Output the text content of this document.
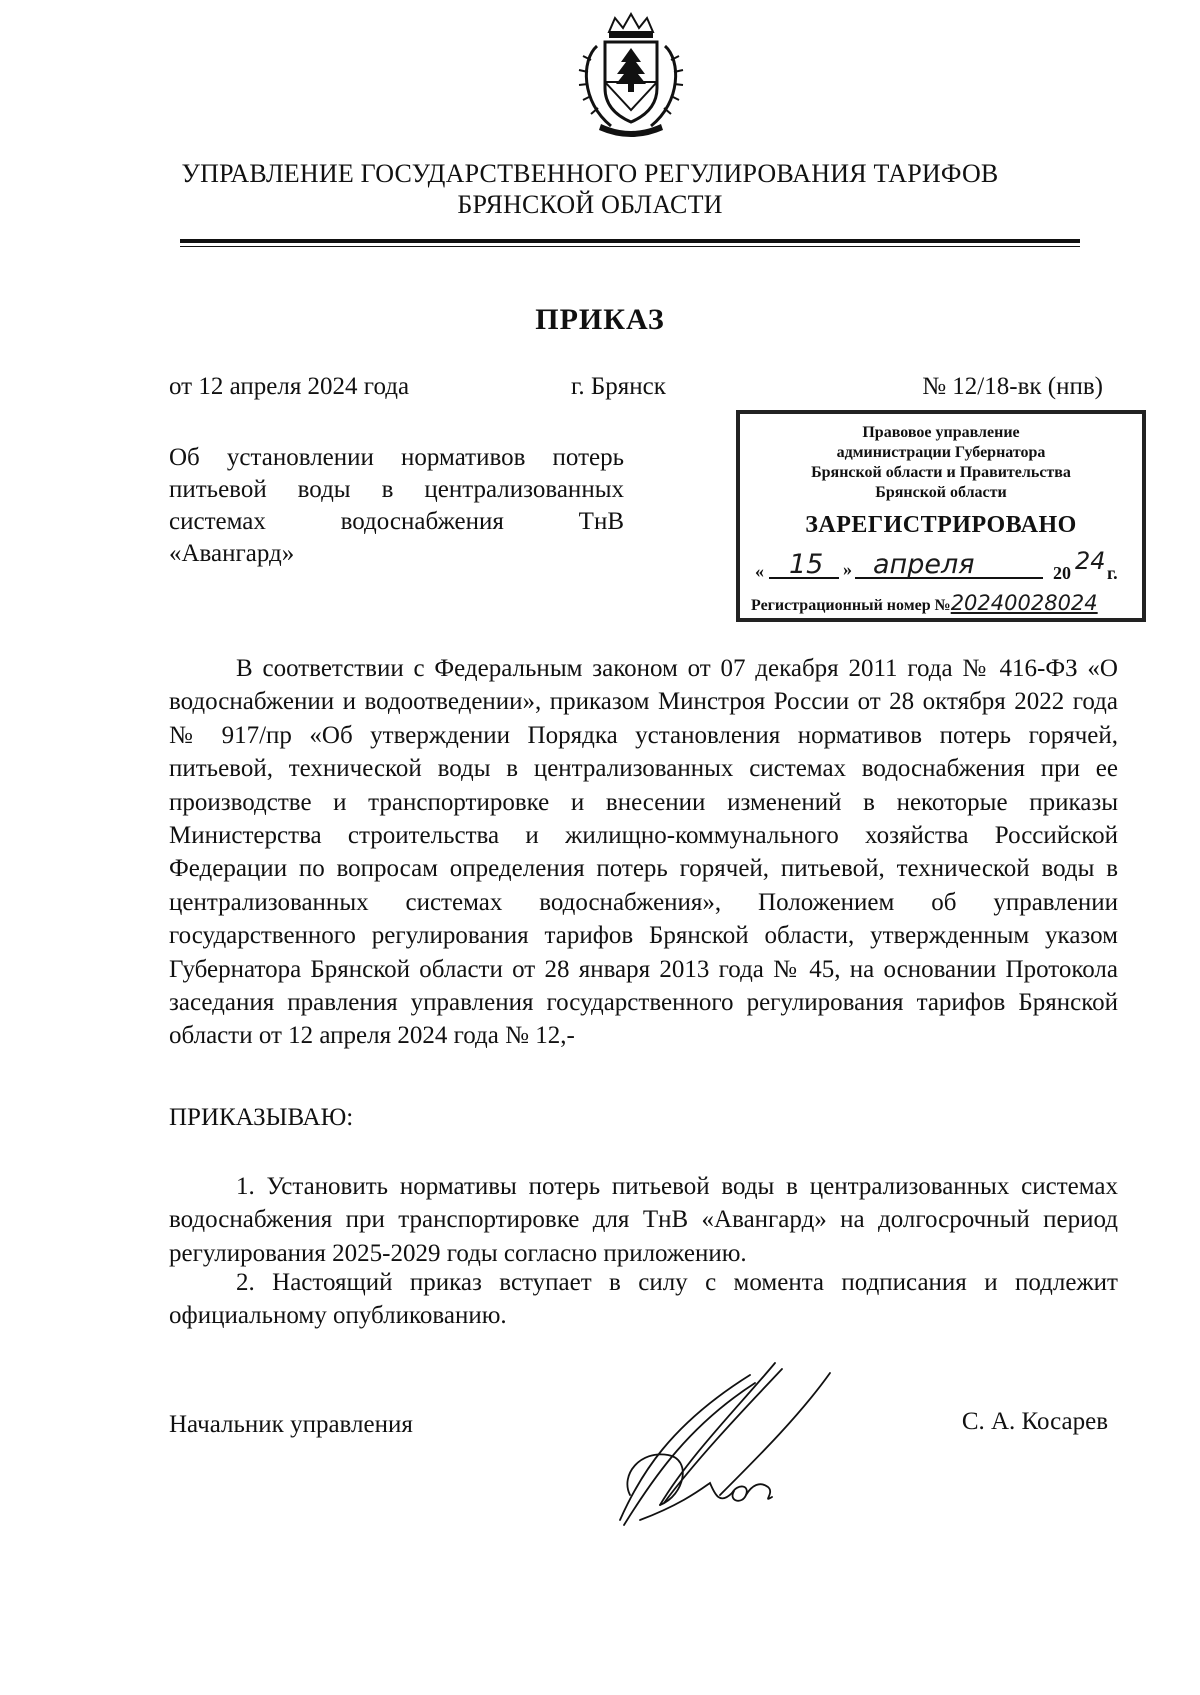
УПРАВЛЕНИЕ ГОСУДАРСТВЕННОГО РЕГУЛИРОВАНИЯ ТАРИФОВ
БРЯНСКОЙ ОБЛАСТИ
ПРИКАЗ
от 12 апреля 2024 года	г. Брянск	№ 12/18-вк (нпв)
Об установлении нормативов потерь
питьевой воды в централизованных
системах водоснабжения ТнВ
«Авангард»
Правовое управление
администрации Губернатора
Брянской области и Правительства
Брянской области
ЗАРЕГИСТРИРОВАНО
« 15 » апреля	20 24 г.
Регистрационный номер №20240028024
В соответствии с Федеральным законом от 07 декабря 2011 года № 416-ФЗ «О водоснабжении и водоотведении», приказом Минстроя России от 28 октября 2022 года № 917/пр «Об утверждении Порядка установления нормативов потерь горячей, питьевой, технической воды в централизованных системах водоснабжения при ее производстве и транспортировке и внесении изменений в некоторые приказы Министерства строительства и жилищно-коммунального хозяйства Российской Федерации по вопросам определения потерь горячей, питьевой, технической воды в централизованных системах водоснабжения», Положением об управлении государственного регулирования тарифов Брянской области, утвержденным указом Губернатора Брянской области от 28 января 2013 года № 45, на основании Протокола заседания правления управления государственного регулирования тарифов Брянской области от 12 апреля 2024 года № 12,-
ПРИКАЗЫВАЮ:
1. Установить нормативы потерь питьевой воды в централизованных системах водоснабжения при транспортировке для ТнВ «Авангард» на долгосрочный период регулирования 2025-2029 годы согласно приложению.
2. Настоящий приказ вступает в силу с момента подписания и подлежит официальному опубликованию.
Начальник управления	С. А. Косарев
